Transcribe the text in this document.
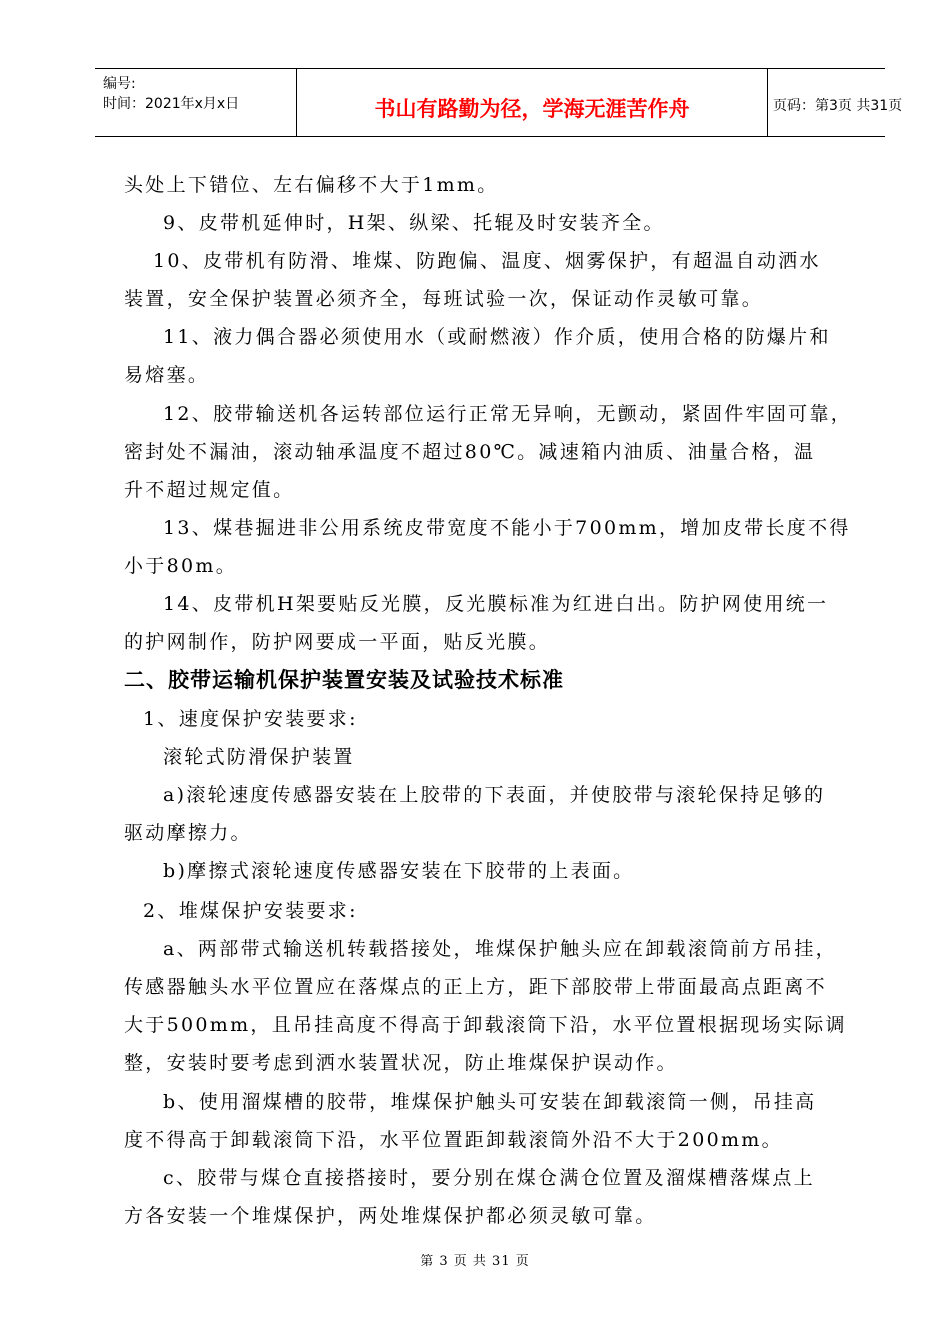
编号:
时间：2021年x月x日	书山有路勤为径，学海无涯苦作舟	页码：第3页 共31页
头处上下错位、左右偏移不大于1mm。
9、皮带机延伸时，H架、纵梁、托辊及时安装齐全。
10、皮带机有防滑、堆煤、防跑偏、温度、烟雾保护，有超温自动洒水
装置，安全保护装置必须齐全，每班试验一次，保证动作灵敏可靠。
11、液力偶合器必须使用水（或耐燃液）作介质，使用合格的防爆片和
易熔塞。
12、胶带输送机各运转部位运行正常无异响，无颤动，紧固件牢固可靠，
密封处不漏油，滚动轴承温度不超过80℃。减速箱内油质、油量合格，温
升不超过规定值。
13、煤巷掘进非公用系统皮带宽度不能小于700mm，增加皮带长度不得
小于80m。
14、皮带机H架要贴反光膜，反光膜标准为红进白出。防护网使用统一
的护网制作，防护网要成一平面，贴反光膜。
二、胶带运输机保护装置安装及试验技术标准
1、速度保护安装要求:
滚轮式防滑保护装置
a)滚轮速度传感器安装在上胶带的下表面，并使胶带与滚轮保持足够的
驱动摩擦力。
b)摩擦式滚轮速度传感器安装在下胶带的上表面。
2、堆煤保护安装要求:
a、两部带式输送机转载搭接处，堆煤保护触头应在卸载滚筒前方吊挂，
传感器触头水平位置应在落煤点的正上方，距下部胶带上带面最高点距离不
大于500mm，且吊挂高度不得高于卸载滚筒下沿，水平位置根据现场实际调
整，安装时要考虑到洒水装置状况，防止堆煤保护误动作。
b、使用溜煤槽的胶带，堆煤保护触头可安装在卸载滚筒一侧，吊挂高
度不得高于卸载滚筒下沿，水平位置距卸载滚筒外沿不大于200mm。
c、胶带与煤仓直接搭接时，要分别在煤仓满仓位置及溜煤槽落煤点上
方各安装一个堆煤保护，两处堆煤保护都必须灵敏可靠。
第 3 页 共 31 页
